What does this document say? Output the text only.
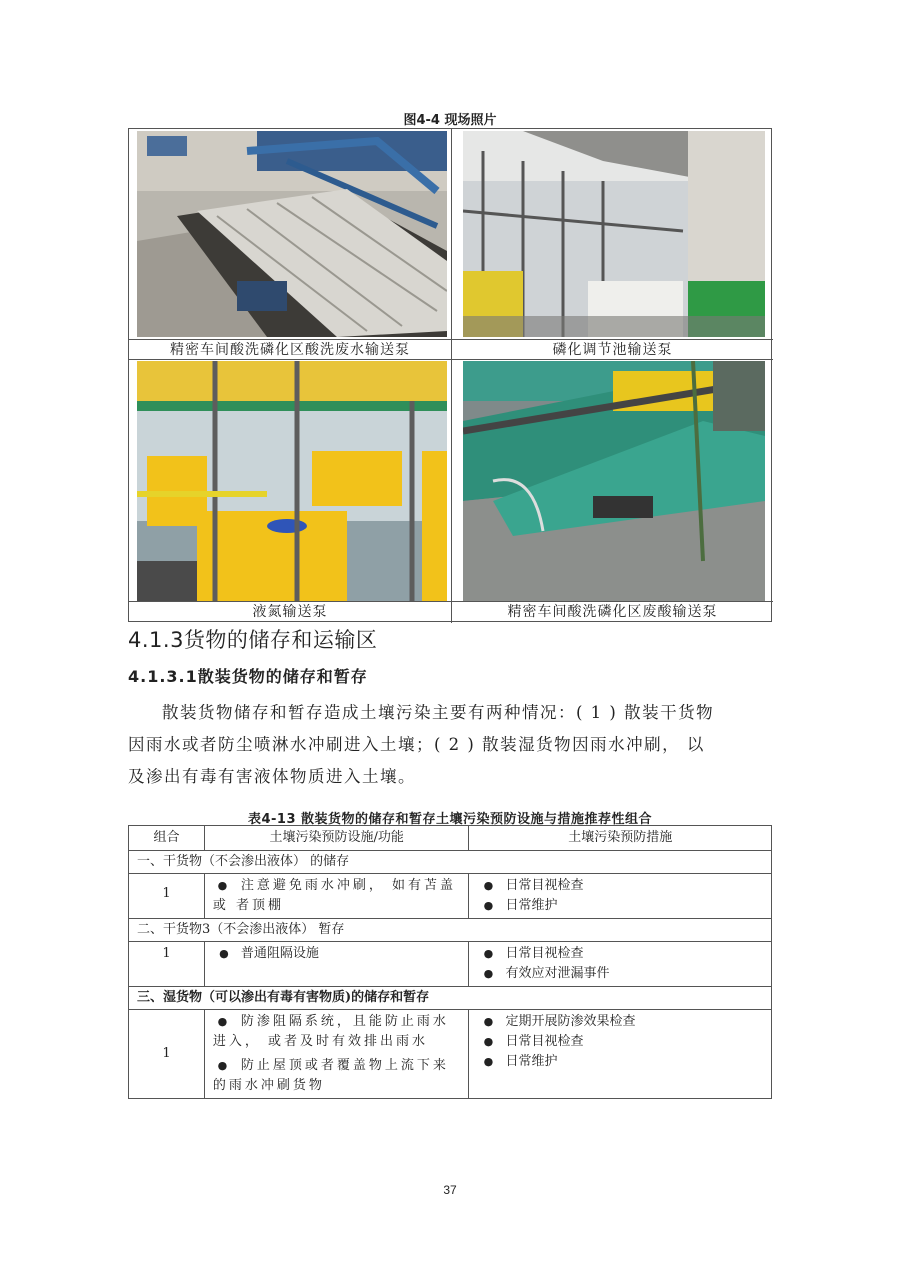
图4-4 现场照片
精密车间酸洗磷化区酸洗废水输送泵	磷化调节池输送泵
液氮输送泵	精密车间酸洗磷化区废酸输送泵
4.1.3货物的储存和运输区
4.1.3.1散装货物的储存和暂存
散装货物储存和暂存造成土壤污染主要有两种情况：( 1 ) 散装干货物
因雨水或者防尘喷淋水冲刷进入土壤；( 2 ) 散装湿货物因雨水冲刷， 以
及渗出有毒有害液体物质进入土壤。
表4-13 散装货物的储存和暂存土壤污染预防设施与措施推荐性组合
组合	土壤污染预防设施/功能	土壤污染预防措施
一、干货物（不会渗出液体） 的储存		
1	● 注意避免雨水冲刷， 如有苫盖或 者顶棚	● 日常目视检查
● 日常维护

二、干货物3（不会渗出液体） 暂存		
1	● 普通阻隔设施	● 日常目视检查
● 有效应对泄漏事件

三、湿货物（可以渗出有毒有害物质)的储存和暂存		
1	● 防渗阻隔系统，且能防止雨水进入， 或者及时有效排出雨水
● 防止屋顶或者覆盖物上流下来 的雨水冲刷货物	● 定期开展防渗效果检查
● 日常目视检查
● 日常维护
37
